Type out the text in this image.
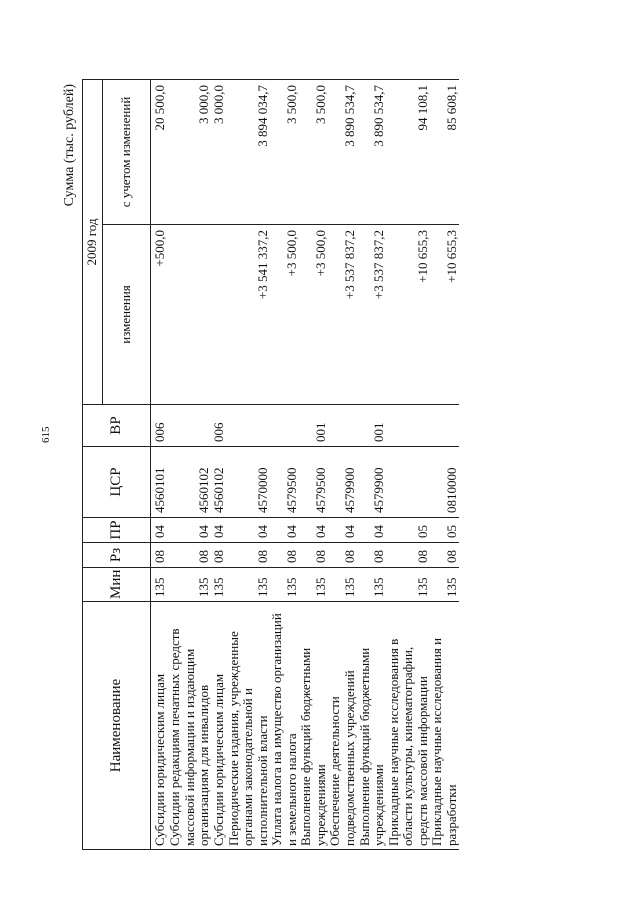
615
Сумма (тыс. рублей)
Наименование	Мин	Рз	ПР	ЦСР	ВР	2009 год	
						изменения	с учетом изменений
Субсидии юридическим лицам	135	08	04	4560101	006	+500,0	20 500,0
Субсидии редакциям печатных средств массовой информации и издающим организациям для инвалидов	135	08	04	4560102			3 000,0
Субсидии юридическим лицам	135	08	04	4560102	006		3 000,0
Периодические издания, учрежденные органами законодательной и исполнительной власти	135	08	04	4570000		+3 541 337,2	3 894 034,7
Уплата налога на имущество организаций и земельного налога	135	08	04	4579500		+3 500,0	3 500,0
Выполнение функций бюджетными учреждениями	135	08	04	4579500	001	+3 500,0	3 500,0
Обеспечение деятельности подведомственных учреждений	135	08	04	4579900		+3 537 837,2	3 890 534,7
Выполнение функций бюджетными учреждениями	135	08	04	4579900	001	+3 537 837,2	3 890 534,7
Прикладные научные исследования в области культуры, кинематографии, средств массовой информации	135	08	05			+10 655,3	94 108,1
Прикладные научные исследования и разработки	135	08	05	0810000		+10 655,3	85 608,1
